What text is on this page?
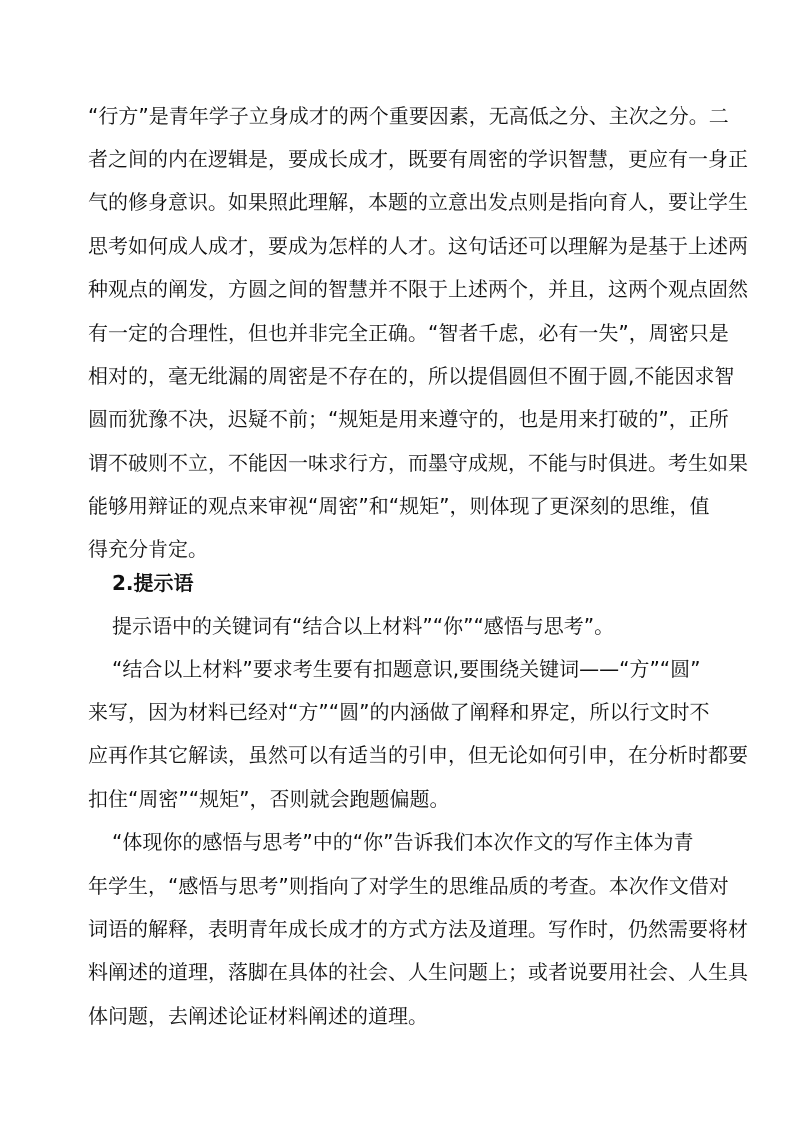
“行方”是青年学子立身成才的两个重要因素，无高低之分、主次之分。二
者之间的内在逻辑是，要成长成才，既要有周密的学识智慧，更应有一身正
气的修身意识。如果照此理解，本题的立意出发点则是指向育人，要让学生
思考如何成人成才，要成为怎样的人才。这句话还可以理解为是基于上述两
种观点的阐发，方圆之间的智慧并不限于上述两个，并且，这两个观点固然
有一定的合理性，但也并非完全正确。“智者千虑，必有一失”，周密只是
相对的，毫无纰漏的周密是不存在的，所以提倡圆但不囿于圆,不能因求智
圆而犹豫不决，迟疑不前；“规矩是用来遵守的，也是用来打破的”，正所
谓不破则不立，不能因一味求行方，而墨守成规，不能与时俱进。考生如果
能够用辩证的观点来审视“周密”和“规矩”，则体现了更深刻的思维，值
得充分肯定。
2.提示语
提示语中的关键词有“结合以上材料”“你”“感悟与思考”。
“结合以上材料”要求考生要有扣题意识,要围绕关键词——“方”“圆”
来写，因为材料已经对“方”“圆”的内涵做了阐释和界定，所以行文时不
应再作其它解读，虽然可以有适当的引申，但无论如何引申，在分析时都要
扣住“周密”“规矩”，否则就会跑题偏题。
“体现你的感悟与思考”中的“你”告诉我们本次作文的写作主体为青
年学生，“感悟与思考”则指向了对学生的思维品质的考查。本次作文借对
词语的解释，表明青年成长成才的方式方法及道理。写作时，仍然需要将材
料阐述的道理，落脚在具体的社会、人生问题上；或者说要用社会、人生具
体问题，去阐述论证材料阐述的道理。
